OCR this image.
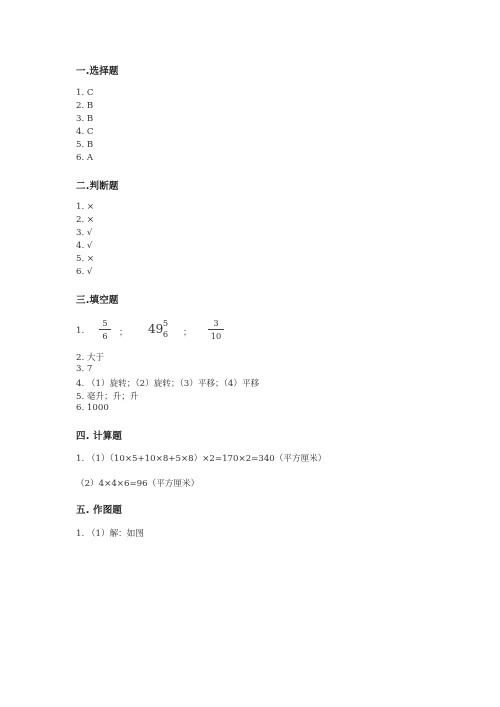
一.选择题
1. C
2. B
3. B
4. C
5. B
6. A
二.判断题
1. ×
2. ×
3. √
4. √
5. ×
6. √
三.填空题
1.
5
6	； 49 5
6 ；
3
10
2. 大于
3. 7
4. （1）旋转；（2）旋转；（3）平移；（4）平移
5. 毫升；升；升
6. 1000
四. 计算题
1. （1）（10×5+10×8+5×8）×2=170×2=340（平方厘米）
（2）4×4×6=96（平方厘米）
五. 作图题
1. （1）解：如图
